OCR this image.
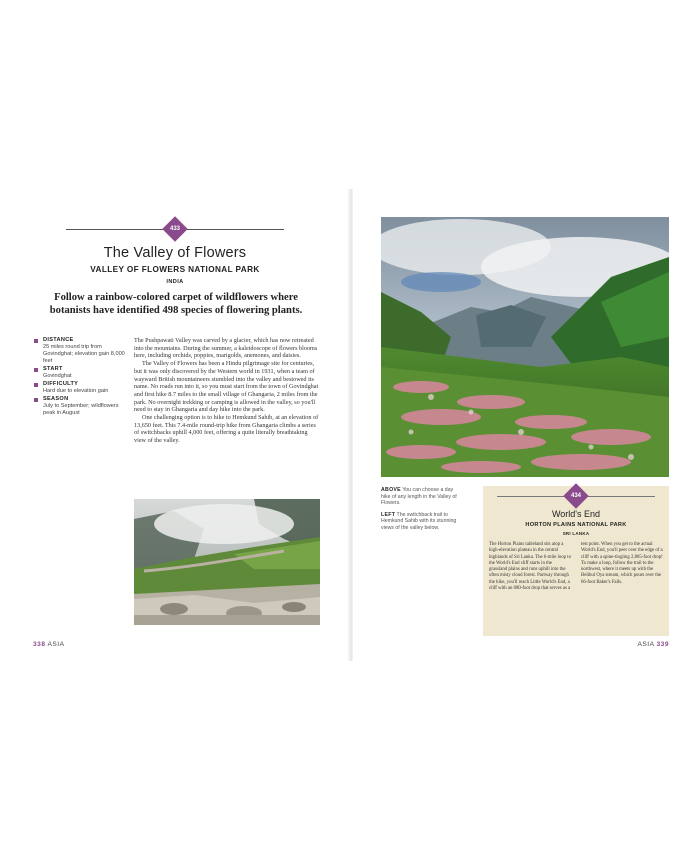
433
The Valley of Flowers
VALLEY OF FLOWERS NATIONAL PARK
INDIA
Follow a rainbow-colored carpet of wildflowers where botanists have identified 498 species of flowering plants.
DISTANCE
25 miles round trip from Govindghat; elevation gain 8,000 feet
START
Govindghat
DIFFICULTY
Hard due to elevation gain
SEASON
July to September; wildflowers peak in August

The Pushpawati Valley was carved by a glacier, which has now retreated into the mountains. During the summer, a kaleidoscope of flowers blooms here, including orchids, poppies, marigolds, anemones, and daisies.

The Valley of Flowers has been a Hindu pilgrimage site for centuries, but it was only discovered by the Western world in 1931, when a team of wayward British mountaineers stumbled into the valley and bestowed its name. No roads run into it, so you must start from the town of Govindghat and first hike 8.7 miles to the small village of Ghangaria, 2 miles from the park. No overnight trekking or camping is allowed in the valley, so you'll need to stay in Ghangaria and day hike into the park.

One challenging option is to hike to Hemkund Sahib, at an elevation of 13,650 feet. This 7.4-mile round-trip hike from Ghangaria climbs a series of switchbacks uphill 4,000 feet, offering a quite literally breathtaking view of the valley.

338 ASIA

ABOVE You can choose a day hike of any length in the Valley of Flowers.

LEFT The switchback trail to Hemkund Sahib with its stunning views of the valley below.

434
World's End
HORTON PLAINS NATIONAL PARK
SRI LANKA
The Horton Plains tableland sits atop a high-elevation plateau in the central highlands of Sri Lanka. The 6-mile loop to the World's End cliff starts in the grassland plains and runs uphill into the often misty cloud forest. Partway through the hike, you'll reach Little World's End, a cliff with an 880-foot drop that serves as a test point. When you get to the actual World's End, you'll peer over the edge of a cliff with a spine-tingling 2,885-foot drop! To make a loop, follow the trail to the northwest, where it meets up with the Belihul Oya stream, which pours over the 66-foot Baker's Falls.
ASIA 339
